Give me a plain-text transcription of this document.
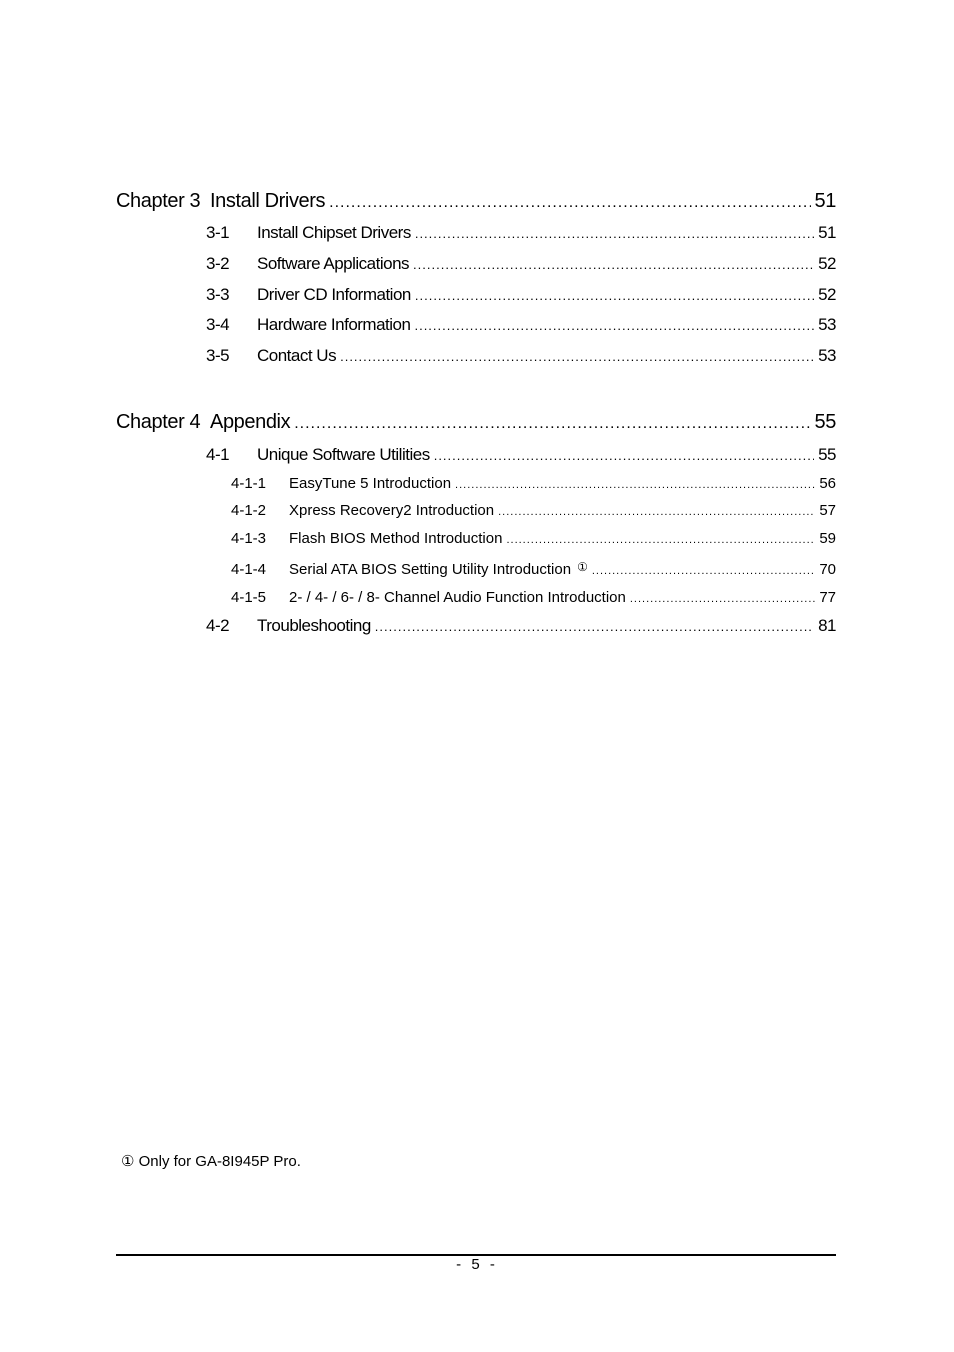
Chapter 3 Install Drivers .....	51
3-1	Install Chipset Drivers .....	51
3-2	Software Applications .....	52
3-3	Driver CD Information .....	52
3-4	Hardware Information .....	53
3-5	Contact Us .....	53
Chapter 4 Appendix .....	55
4-1	Unique Software Utilities .....	55
4-1-1	EasyTune 5 Introduction .....	56
4-1-2	Xpress Recovery2 Introduction .....	57
4-1-3	Flash BIOS Method Introduction .....	59
4-1-4	Serial ATA BIOS Setting Utility Introduction ① .....	70
4-1-5	2- / 4- / 6- / 8- Channel Audio Function Introduction .....	77
4-2	Troubleshooting .....	81
① Only for GA-8I945P Pro.
- 5 -
